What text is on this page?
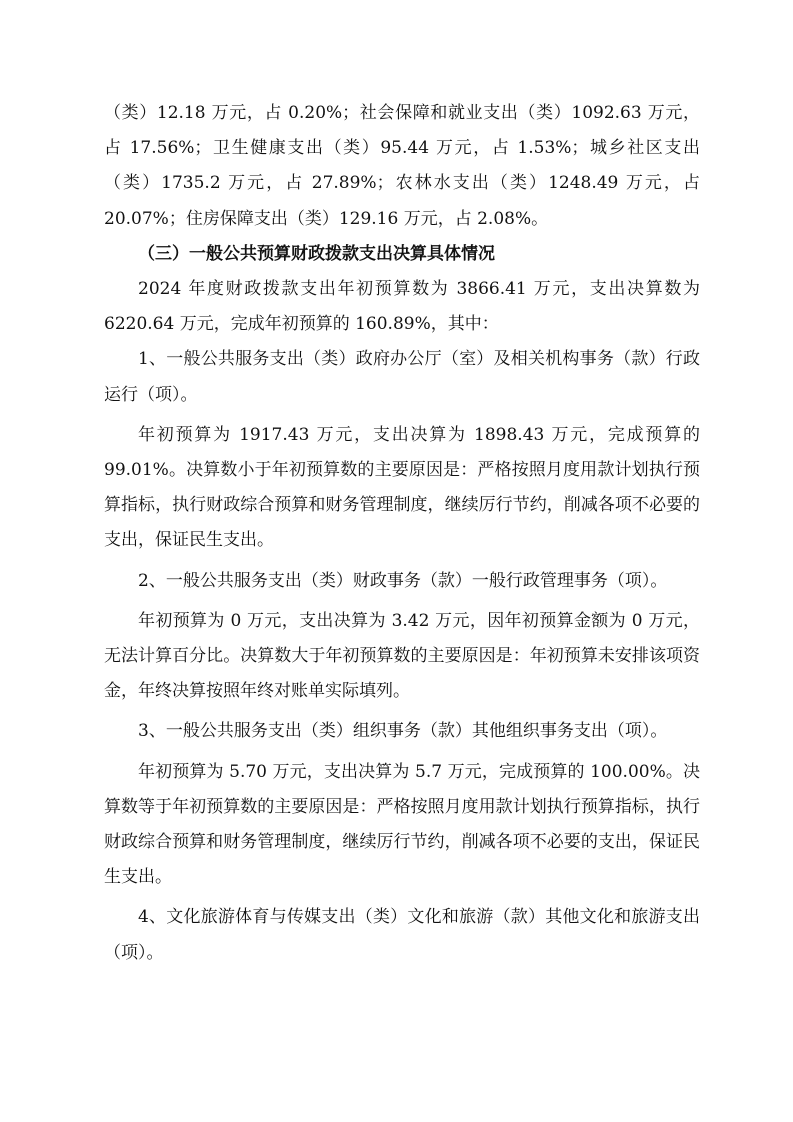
（类）12.18 万元，占 0.20%；社会保障和就业支出（类）1092.63 万元，占 17.56%；卫生健康支出（类）95.44 万元，占 1.53%；城乡社区支出（类）1735.2 万元，占 27.89%；农林水支出（类）1248.49 万元，占 20.07%；住房保障支出（类）129.16 万元，占 2.08%。

（三）一般公共预算财政拨款支出决算具体情况

2024 年度财政拨款支出年初预算数为 3866.41 万元，支出决算数为 6220.64 万元，完成年初预算的 160.89%，其中：

1、一般公共服务支出（类）政府办公厅（室）及相关机构事务（款）行政运行（项）。

年初预算为 1917.43 万元，支出决算为 1898.43 万元，完成预算的 99.01%。决算数小于年初预算数的主要原因是：严格按照月度用款计划执行预算指标，执行财政综合预算和财务管理制度，继续厉行节约，削减各项不必要的支出，保证民生支出。

2、一般公共服务支出（类）财政事务（款）一般行政管理事务（项）。

年初预算为 0 万元，支出决算为 3.42 万元，因年初预算金额为 0 万元，无法计算百分比。决算数大于年初预算数的主要原因是：年初预算未安排该项资金，年终决算按照年终对账单实际填列。

3、一般公共服务支出（类）组织事务（款）其他组织事务支出（项）。

年初预算为 5.70 万元，支出决算为 5.7 万元，完成预算的 100.00%。决算数等于年初预算数的主要原因是：严格按照月度用款计划执行预算指标，执行财政综合预算和财务管理制度，继续厉行节约，削减各项不必要的支出，保证民生支出。

4、文化旅游体育与传媒支出（类）文化和旅游（款）其他文化和旅游支出（项）。
